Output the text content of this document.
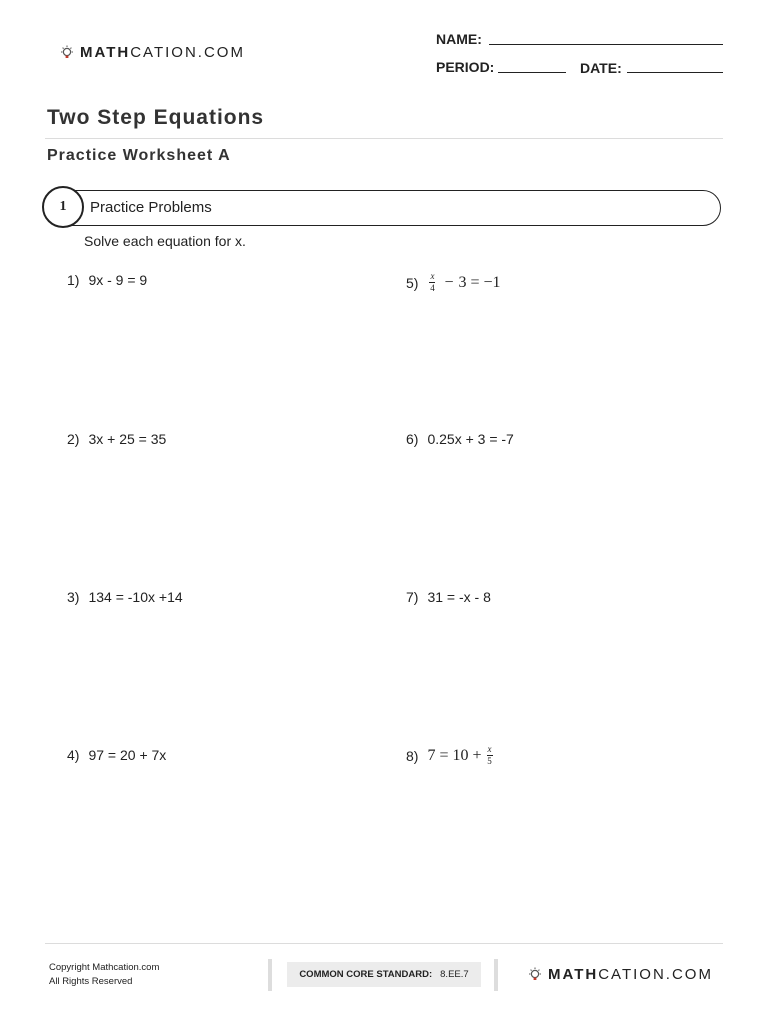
MATHCATION.COM
NAME:
PERIOD:	DATE:
Two Step Equations
Practice Worksheet A
1	Practice Problems
Solve each equation for x.
1) 9x - 9 = 9
2) 3x + 25 = 35
3) 134 = -10x +14
4) 97 = 20 + 7x
$5) \frac{x}{4} - 3 = -1$
6) 0.25x + 3 = -7
7) 31 = -x - 8
8) $7 = 10 + \frac{x}{5}$
Copyright Mathcation.com
All Rights Reserved
COMMON CORE STANDARD: 8.EE.7	MATHCATION.COM
